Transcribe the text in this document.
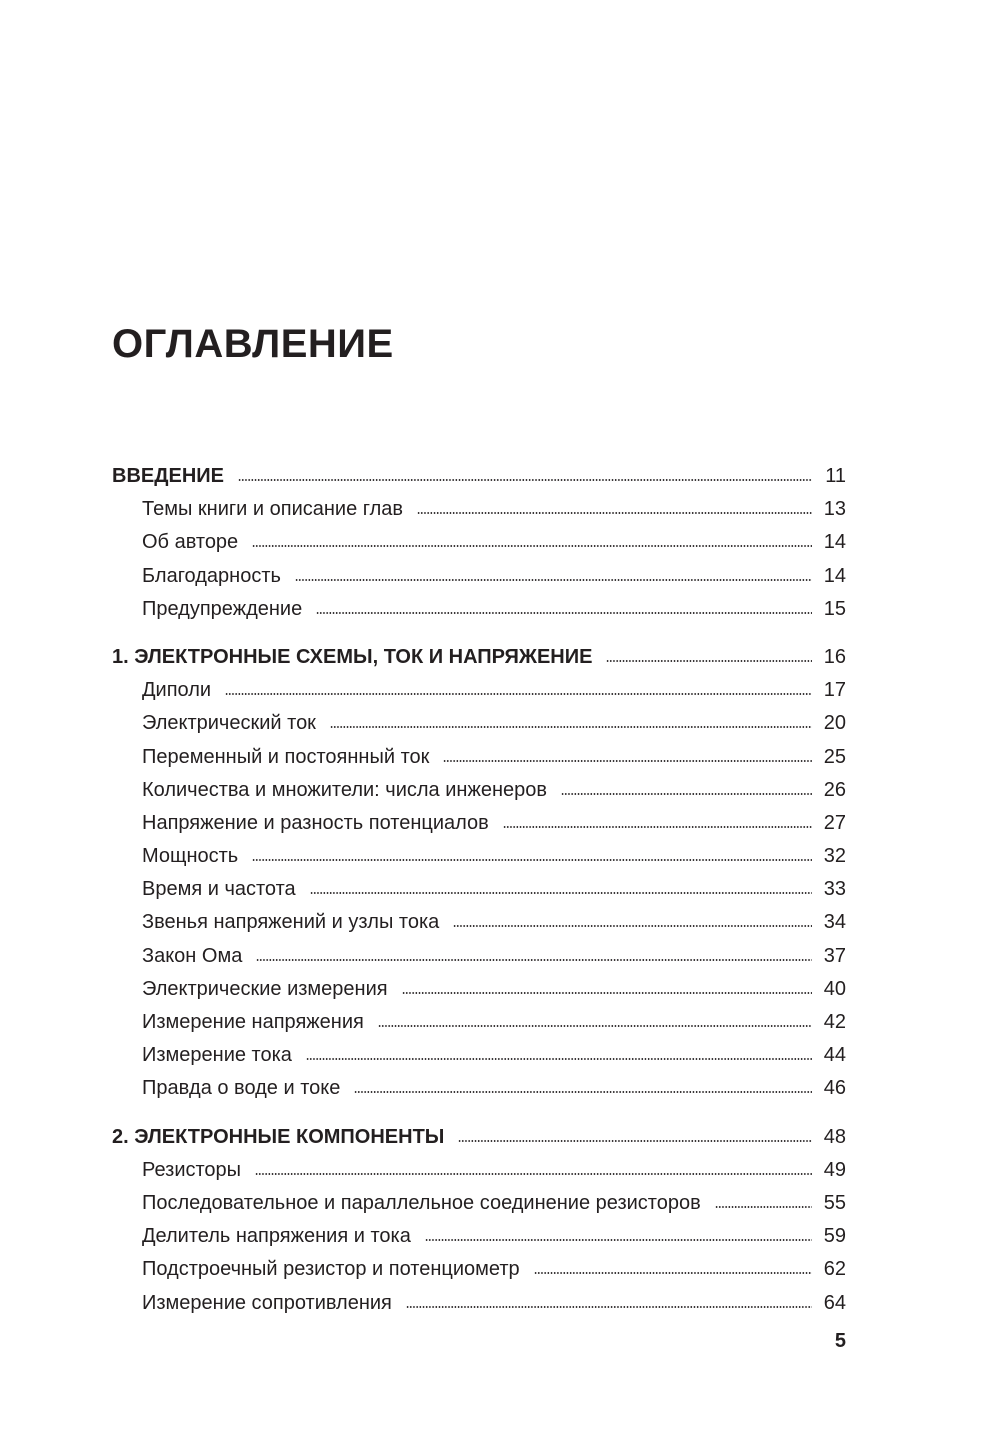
ОГЛАВЛЕНИЕ
ВВЕДЕНИЕ	11
Темы книги и описание глав	13
Об авторе	14
Благодарность	14
Предупреждение	15
1. ЭЛЕКТРОННЫЕ СХЕМЫ, ТОК И НАПРЯЖЕНИЕ	16
Диполи	17
Электрический ток	20
Переменный и постоянный ток	25
Количества и множители: числа инженеров	26
Напряжение и разность потенциалов	27
Мощность	32
Время и частота	33
Звенья напряжений и узлы тока	34
Закон Ома	37
Электрические измерения	40
Измерение напряжения	42
Измерение тока	44
Правда о воде и токе	46
2. ЭЛЕКТРОННЫЕ КОМПОНЕНТЫ	48
Резисторы	49
Последовательное и параллельное соединение резисторов	55
Делитель напряжения и тока	59
Подстроечный резистор и потенциометр	62
Измерение сопротивления	64
5
